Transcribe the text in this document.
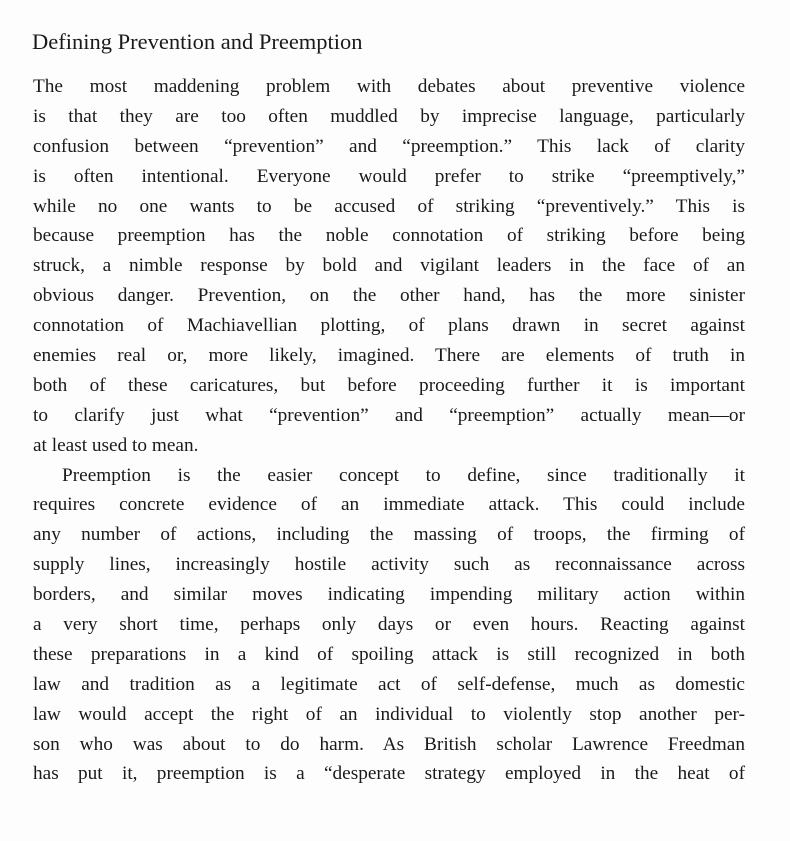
Defining Prevention and Preemption
The most maddening problem with debates about preventive violence
is that they are too often muddled by imprecise language, particularly
confusion between “prevention” and “preemption.” This lack of clarity
is often intentional. Everyone would prefer to strike “preemptively,”
while no one wants to be accused of striking “preventively.” This is
because preemption has the noble connotation of striking before being
struck, a nimble response by bold and vigilant leaders in the face of an
obvious danger. Prevention, on the other hand, has the more sinister
connotation of Machiavellian plotting, of plans drawn in secret against
enemies real or, more likely, imagined. There are elements of truth in
both of these caricatures, but before proceeding further it is important
to clarify just what “prevention” and “preemption” actually mean—or
at least used to mean.
Preemption is the easier concept to define, since traditionally it
requires concrete evidence of an immediate attack. This could include
any number of actions, including the massing of troops, the firming of
supply lines, increasingly hostile activity such as reconnaissance across
borders, and similar moves indicating impending military action within
a very short time, perhaps only days or even hours. Reacting against
these preparations in a kind of spoiling attack is still recognized in both
law and tradition as a legitimate act of self-defense, much as domestic
law would accept the right of an individual to violently stop another per-
son who was about to do harm. As British scholar Lawrence Freedman
has put it, preemption is a “desperate strategy employed in the heat of
